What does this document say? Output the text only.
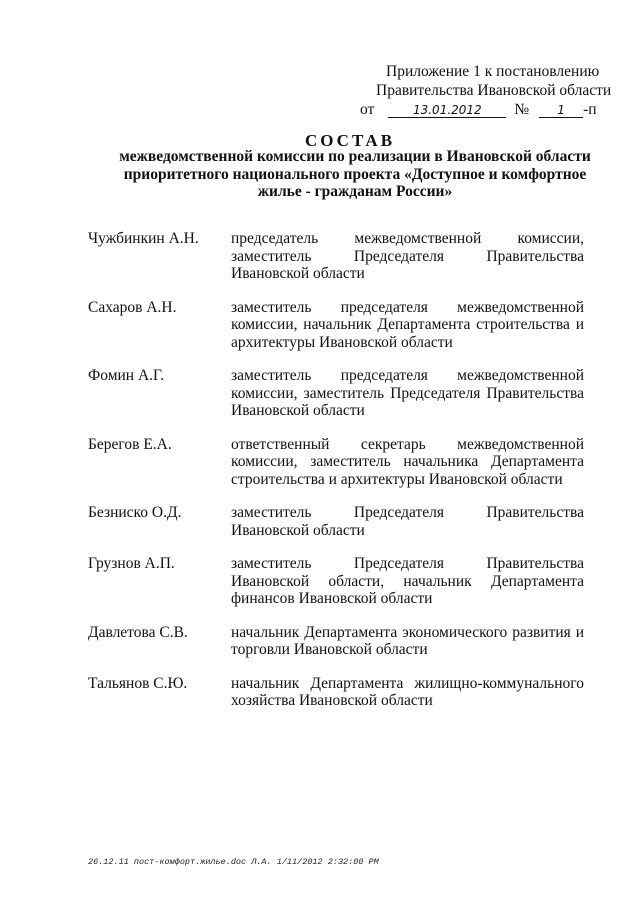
Приложение 1 к постановлению
Правительства Ивановской области
от	13.01.2012	№	1	-п
СОСТАВ
межведомственной комиссии по реализации в Ивановской области приоритетного национального проекта «Доступное и комфортное жилье - гражданам России»
Чужбинкин А.Н.	председатель межведомственной комиссии, заместитель Председателя Правительства Ивановской области
Сахаров А.Н.	заместитель председателя межведомственной комиссии, начальник Департамента строительства и архитектуры Ивановской области
Фомин А.Г.	заместитель председателя межведомственной комиссии, заместитель Председателя Правительства Ивановской области
Берегов Е.А.	ответственный секретарь межведомственной комиссии, заместитель начальника Департамента строительства и архитектуры Ивановской области
Безниско О.Д.	заместитель Председателя Правительства Ивановской области
Грузнов А.П.	заместитель Председателя Правительства Ивановской области, начальник Департамента финансов Ивановской области
Давлетова С.В.	начальник Департамента экономического развития и торговли Ивановской области
Тальянов С.Ю.	начальник Департамента жилищно-коммунального хозяйства Ивановской области
26.12.11 пост-комфорт.жилье.doc Л.А. 1/11/2012 2:32:00 PM
